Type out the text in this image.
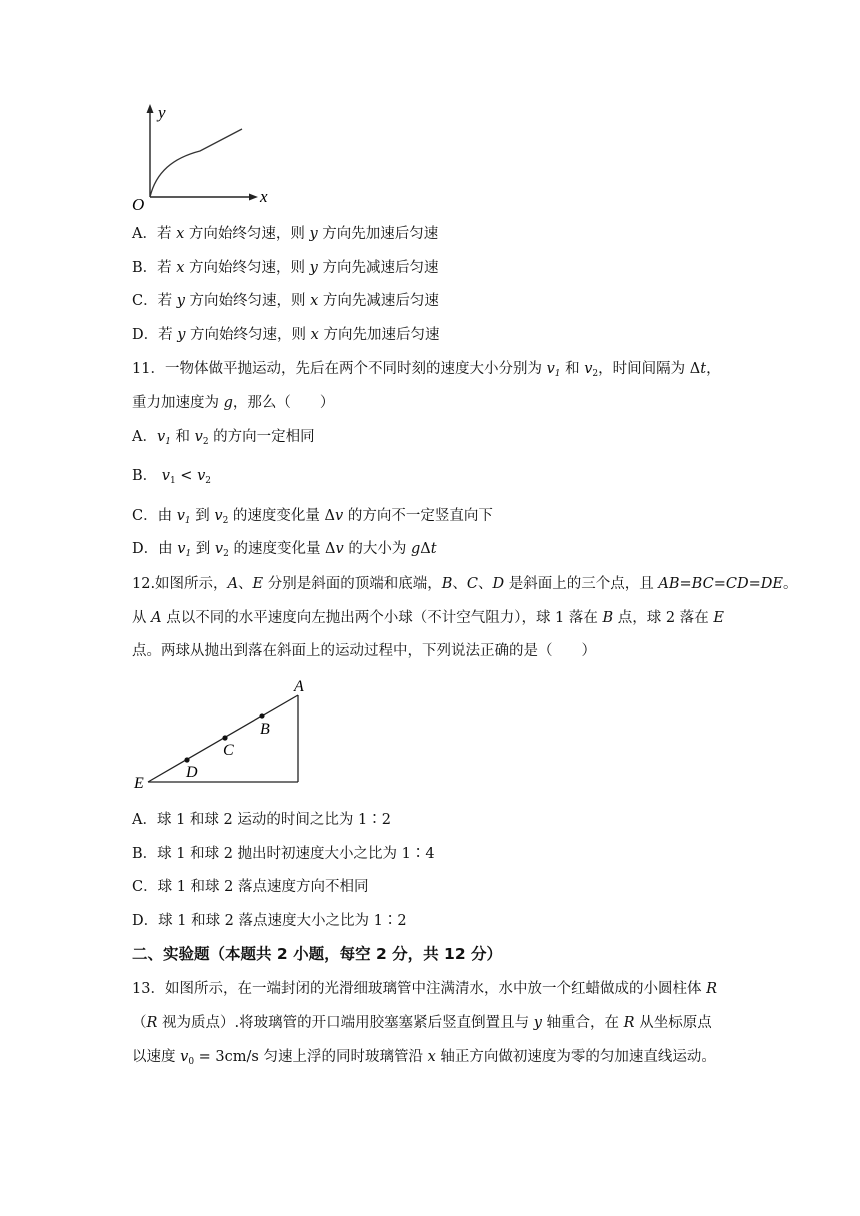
y
x
O
A．若 x 方向始终匀速，则 y 方向先加速后匀速
B．若 x 方向始终匀速，则 y 方向先减速后匀速
C．若 y 方向始终匀速，则 x 方向先减速后匀速
D．若 y 方向始终匀速，则 x 方向先加速后匀速
11．一物体做平抛运动，先后在两个不同时刻的速度大小分别为 $v_1$ 和 $v_2$，时间间隔为 Δt，
重力加速度为 g，那么（　　）
A．$v_1$ 和 $v_2$ 的方向一定相同
B． $v_1 < v_2$
C．由 $v_1$ 到 $v_2$ 的速度变化量 Δv 的方向不一定竖直向下
D．由 $v_1$ 到 $v_2$ 的速度变化量 Δv 的大小为 gΔt
12.如图所示，A、E 分别是斜面的顶端和底端，B、C、D 是斜面上的三个点，且 AB=BC=CD=DE。
从 A 点以不同的水平速度向左抛出两个小球（不计空气阻力），球 1 落在 B 点，球 2 落在 E
点。两球从抛出到落在斜面上的运动过程中，下列说法正确的是（　　）
A
B
C
D
E
A．球 1 和球 2 运动的时间之比为 1∶2
B．球 1 和球 2 抛出时初速度大小之比为 1∶4
C．球 1 和球 2 落点速度方向不相同
D．球 1 和球 2 落点速度大小之比为 1∶2
二、实验题（本题共 2 小题，每空 2 分，共 12 分）
13．如图所示，在一端封闭的光滑细玻璃管中注满清水，水中放一个红蜡做成的小圆柱体 R
（R 视为质点）.将玻璃管的开口端用胶塞塞紧后竖直倒置且与 y 轴重合，在 R 从坐标原点
以速度 $v_0 = 3cm/s$ 匀速上浮的同时玻璃管沿 x 轴正方向做初速度为零的匀加速直线运动。
